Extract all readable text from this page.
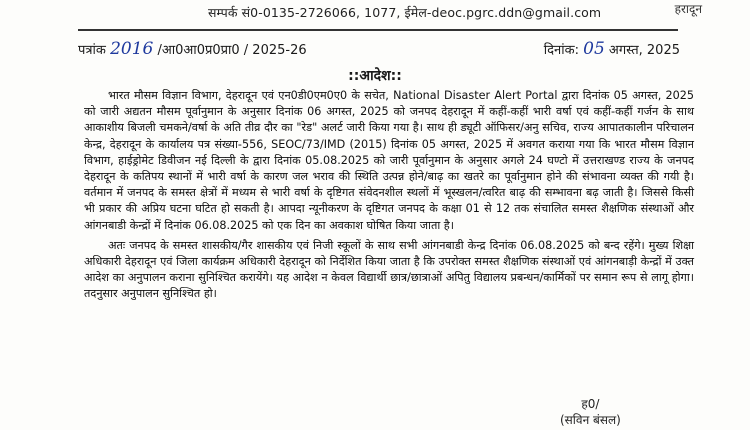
सम्पर्क सं0-0135-2726066, 1077, ईमेल-deoc.pgrc.ddn@gmail.com	हरादून
पत्रांक 2016 /आ0आ0प्र0प्रा0 / 2025-26	दिनांक: 05 अगस्त, 2025
::आदेश::

भारत मौसम विज्ञान विभाग, देहरादून एवं एन0डी0एम0ए0 के सचेत, National Disaster Alert Portal द्वारा दिनांक 05 अगस्त, 2025 को जारी अद्यतन मौसम पूर्वानुमान के अनुसार दिनांक 06 अगस्त, 2025 को जनपद देहरादून में कहीं-कहीं भारी वर्षा एवं कहीं-कहीं गर्जन के साथ आकाशीय बिजली चमकने/वर्षा के अति तीव्र दौर का "रेड" अलर्ट जारी किया गया है। साथ ही ड्यूटी ऑफिसर/अनु सचिव, राज्य आपातकालीन परिचालन केन्द्र, देहरादून के कार्यालय पत्र संख्या-556, SEOC/73/IMD (2015) दिनांक 05 अगस्त, 2025 में अवगत कराया गया कि भारत मौसम विज्ञान विभाग, हाईड्रोमेट डिवीजन नई दिल्ली के द्वारा दिनांक 05.08.2025 को जारी पूर्वानुमान के अनुसार अगले 24 घण्टो में उत्तराखण्ड राज्य के जनपद देहरादून के कतिपय स्थानों में भारी वर्षा के कारण जल भराव की स्थिति उत्पन्न होने/बाढ़ का खतरे का पूर्वानुमान होने की संभावना व्यक्त की गयी है। वर्तमान में जनपद के समस्त क्षेत्रों में मध्यम से भारी वर्षा के दृष्टिगत संवेदनशील स्थलों में भूस्खलन/त्वरित बाढ़ की सम्भावना बढ़ जाती है। जिससे किसी भी प्रकार की अप्रिय घटना घटित हो सकती है। आपदा न्यूनीकरण के दृष्टिगत जनपद के कक्षा 01 से 12 तक संचालित समस्त शैक्षणिक संस्थाओं और आंगनबाडी केन्द्रों में दिनांक 06.08.2025 को एक दिन का अवकाश घोषित किया जाता है।

अतः जनपद के समस्त शासकीय/गैर शासकीय एवं निजी स्कूलों के साथ सभी आंगनबाडी केन्द्र दिनांक 06.08.2025 को बन्द रहेंगे। मुख्य शिक्षा अधिकारी देहरादून एवं जिला कार्यक्रम अधिकारी देहरादून को निर्देशित किया जाता है कि उपरोक्त समस्त शैक्षणिक संस्थाओं एवं आंगनबाड़ी केन्द्रों में उक्त आदेश का अनुपालन कराना सुनिश्चित करायेंगे। यह आदेश न केवल विद्यार्थी छात्र/छात्राओं अपितु विद्यालय प्रबन्धन/कार्मिकों पर समान रूप से लागू होगा। तदनुसार अनुपालन सुनिश्चित हो।

ह0/
(सविन बंसल)
